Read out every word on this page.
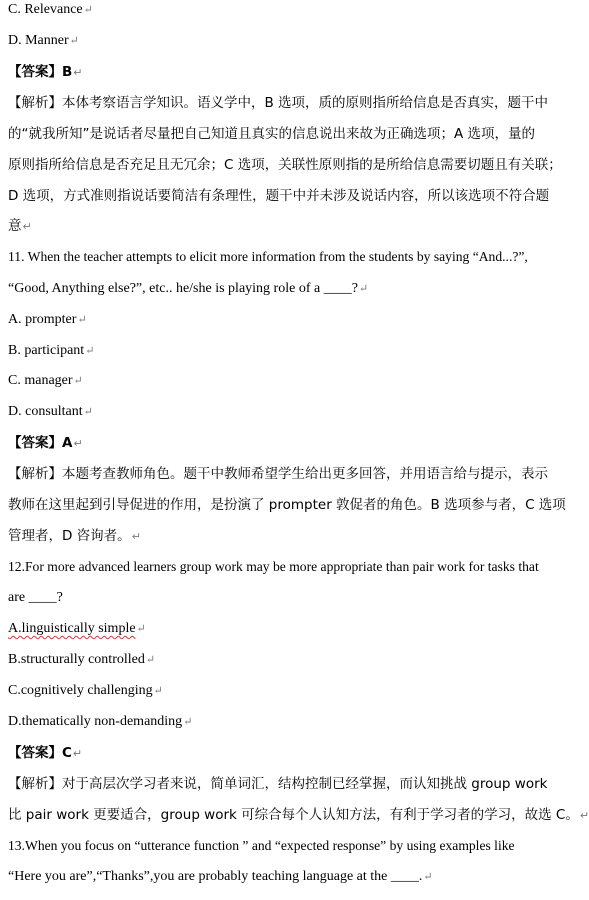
C. Relevance↵
D. Manner↵
【答案】B↵
【解析】本体考察语言学知识。语义学中，B 选项，质的原则指所给信息是否真实，题干中
的“就我所知”是说话者尽量把自己知道且真实的信息说出来故为正确选项；A 选项，量的
原则指所给信息是否充足且无冗余；C 选项，关联性原则指的是所给信息需要切题且有关联；
D 选项，方式准则指说话要简洁有条理性，题干中并未涉及说话内容，所以该选项不符合题
意↵
11. When the teacher attempts to elicit more information from the students by saying “And...?”,
“Good, Anything else?”, etc.. he/she is playing role of a ____?↵
A. prompter↵
B. participant↵
C. manager↵
D. consultant↵
【答案】A↵
【解析】本题考查教师角色。题干中教师希望学生给出更多回答，并用语言给与提示，表示
教师在这里起到引导促进的作用，是扮演了 prompter 敦促者的角色。B 选项参与者，C 选项
管理者，D 咨询者。↵
12.For more advanced learners group work may be more appropriate than pair work for tasks that
are ____?
A.linguistically simple↵
B.structurally controlled↵
C.cognitively challenging↵
D.thematically non-demanding↵
【答案】C↵
【解析】对于高层次学习者来说，简单词汇，结构控制已经掌握，而认知挑战 group work
比 pair work 更要适合，group work 可综合每个人认知方法，有利于学习者的学习，故选 C。↵
13.When you focus on “utterance function ” and “expected response” by using examples like
“Here you are”,“Thanks”,you are probably teaching language at the ____.↵
